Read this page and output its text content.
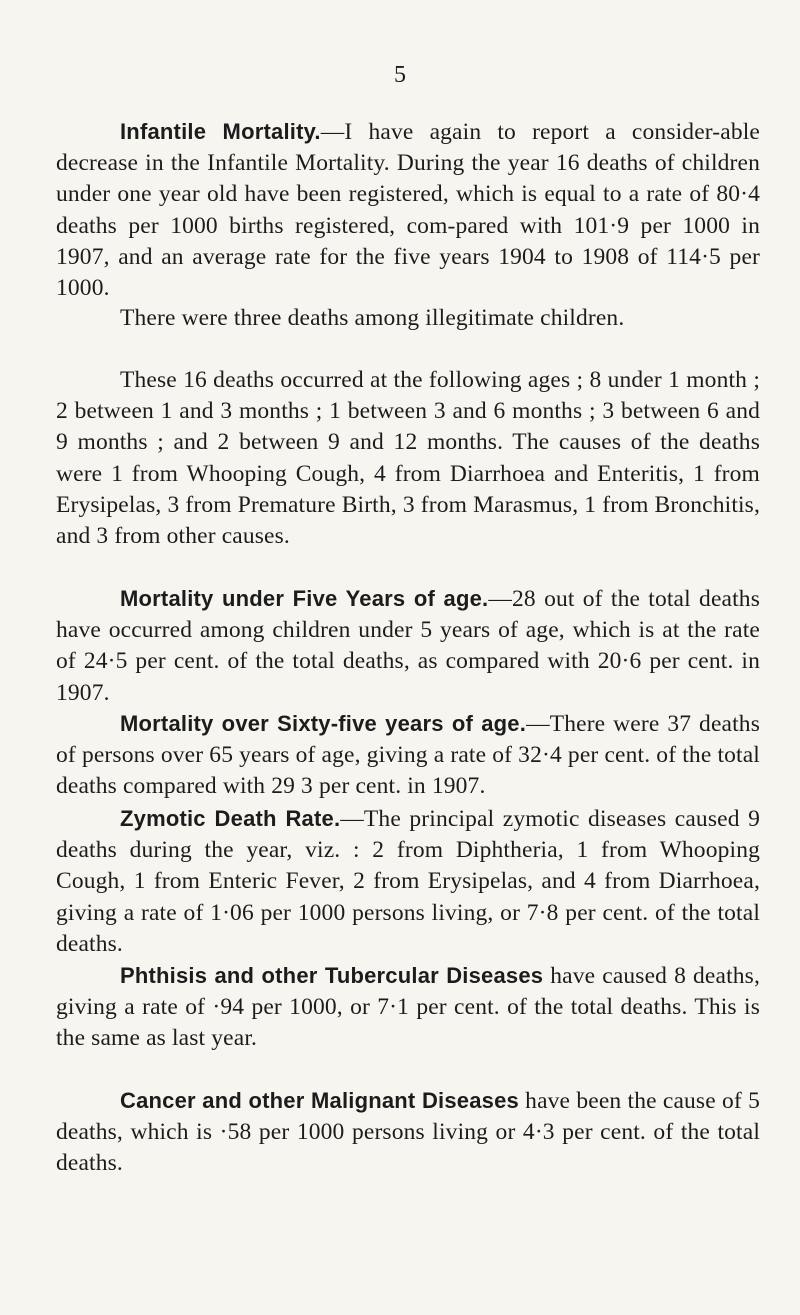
5

Infantile Mortality.—I have again to report a consider-able decrease in the Infantile Mortality. During the year 16 deaths of children under one year old have been registered, which is equal to a rate of 80·4 deaths per 1000 births registered, com-pared with 101·9 per 1000 in 1907, and an average rate for the five years 1904 to 1908 of 114·5 per 1000.

There were three deaths among illegitimate children.

These 16 deaths occurred at the following ages ; 8 under 1 month ; 2 between 1 and 3 months ; 1 between 3 and 6 months ; 3 between 6 and 9 months ; and 2 between 9 and 12 months. The causes of the deaths were 1 from Whooping Cough, 4 from Diarrhoea and Enteritis, 1 from Erysipelas, 3 from Premature Birth, 3 from Marasmus, 1 from Bronchitis, and 3 from other causes.

Mortality under Five Years of age.—28 out of the total deaths have occurred among children under 5 years of age, which is at the rate of 24·5 per cent. of the total deaths, as compared with 20·6 per cent. in 1907.

Mortality over Sixty-five years of age.—There were 37 deaths of persons over 65 years of age, giving a rate of 32·4 per cent. of the total deaths compared with 29 3 per cent. in 1907.

Zymotic Death Rate.—The principal zymotic diseases caused 9 deaths during the year, viz. : 2 from Diphtheria, 1 from Whooping Cough, 1 from Enteric Fever, 2 from Erysipelas, and 4 from Diarrhoea, giving a rate of 1·06 per 1000 persons living, or 7·8 per cent. of the total deaths.

Phthisis and other Tubercular Diseases have caused 8 deaths, giving a rate of ·94 per 1000, or 7·1 per cent. of the total deaths. This is the same as last year.

Cancer and other Malignant Diseases have been the cause of 5 deaths, which is ·58 per 1000 persons living or 4·3 per cent. of the total deaths.
